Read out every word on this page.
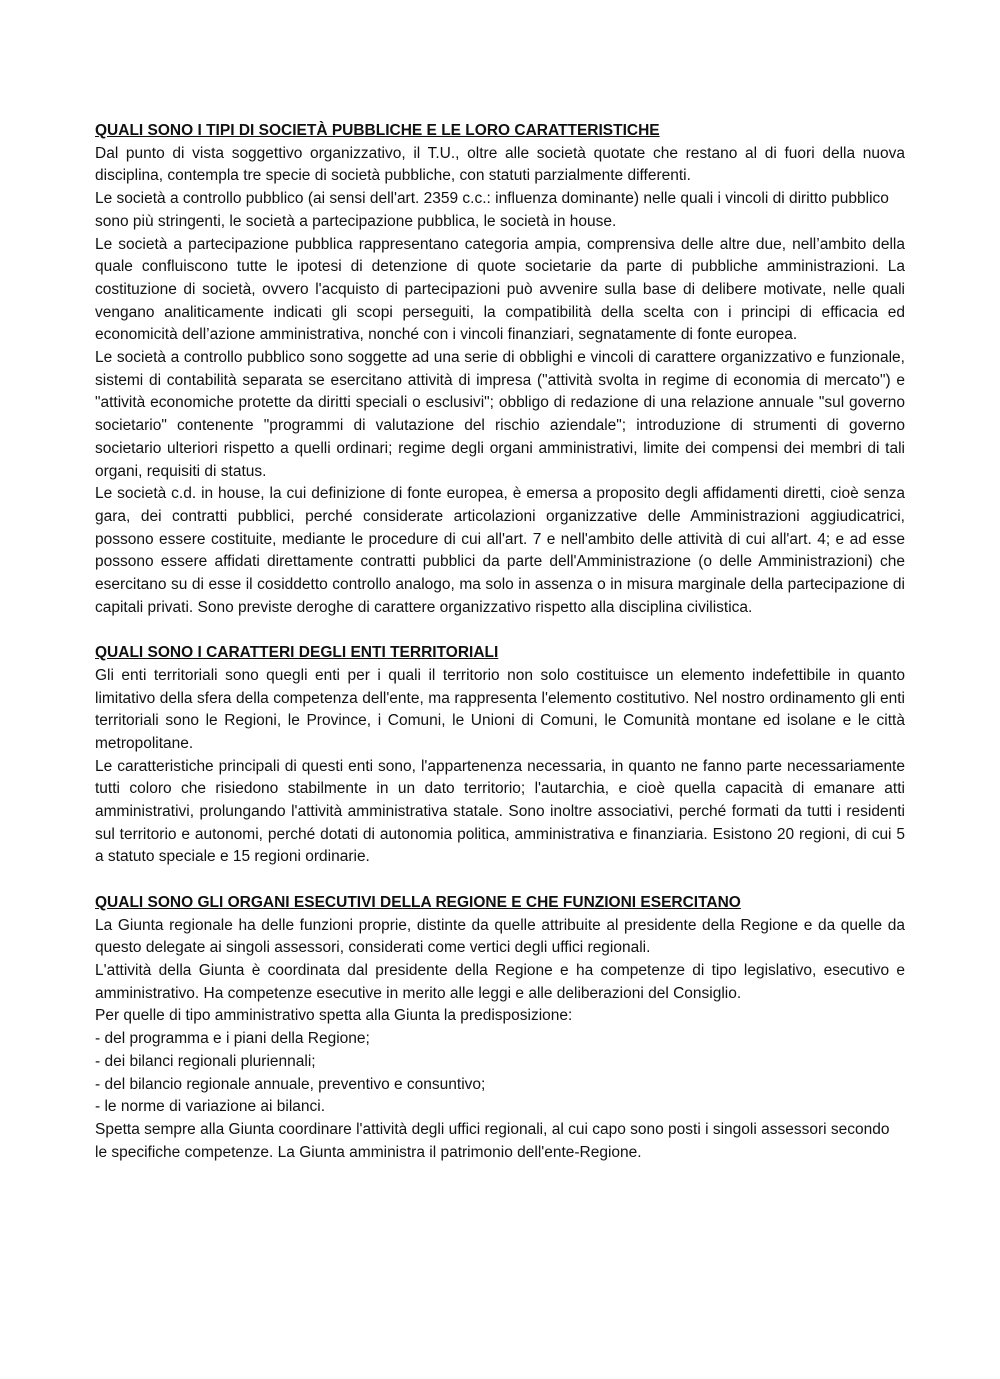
QUALI SONO I TIPI DI SOCIETÀ PUBBLICHE E LE LORO CARATTERISTICHE

Dal punto di vista soggettivo organizzativo, il T.U., oltre alle società quotate che restano al di fuori della nuova disciplina, contempla tre specie di società pubbliche, con statuti parzialmente differenti.

Le società a controllo pubblico (ai sensi dell'art. 2359 c.c.: influenza dominante) nelle quali i vincoli di diritto pubblico sono più stringenti, le società a partecipazione pubblica, le società in house.

Le società a partecipazione pubblica rappresentano categoria ampia, comprensiva delle altre due, nell’ambito della quale confluiscono tutte le ipotesi di detenzione di quote societarie da parte di pubbliche amministrazioni. La costituzione di società, ovvero l'acquisto di partecipazioni può avvenire sulla base di delibere motivate, nelle quali vengano analiticamente indicati gli scopi perseguiti, la compatibilità della scelta con i principi di efficacia ed economicità dell’azione amministrativa, nonché con i vincoli finanziari, segnatamente di fonte europea.

Le società a controllo pubblico sono soggette ad una serie di obblighi e vincoli di carattere organizzativo e funzionale, sistemi di contabilità separata se esercitano attività di impresa ("attività svolta in regime di economia di mercato") e "attività economiche protette da diritti speciali o esclusivi"; obbligo di redazione di una relazione annuale "sul governo societario" contenente "programmi di valutazione del rischio aziendale"; introduzione di strumenti di governo societario ulteriori rispetto a quelli ordinari; regime degli organi amministrativi, limite dei compensi dei membri di tali organi, requisiti di status.

Le società c.d. in house, la cui definizione di fonte europea, è emersa a proposito degli affidamenti diretti, cioè senza gara, dei contratti pubblici, perché considerate articolazioni organizzative delle Amministrazioni aggiudicatrici, possono essere costituite, mediante le procedure di cui all'art. 7 e nell'ambito delle attività di cui all'art. 4; e ad esse possono essere affidati direttamente contratti pubblici da parte dell'Amministrazione (o delle Amministrazioni) che esercitano su di esse il cosiddetto controllo analogo, ma solo in assenza o in misura marginale della partecipazione di capitali privati. Sono previste deroghe di carattere organizzativo rispetto alla disciplina civilistica.

QUALI SONO I CARATTERI DEGLI ENTI TERRITORIALI

Gli enti territoriali sono quegli enti per i quali il territorio non solo costituisce un elemento indefettibile in quanto limitativo della sfera della competenza dell'ente, ma rappresenta l'elemento costitutivo. Nel nostro ordinamento gli enti territoriali sono le Regioni, le Province, i Comuni, le Unioni di Comuni, le Comunità montane ed isolane e le città metropolitane.

Le caratteristiche principali di questi enti sono, l'appartenenza necessaria, in quanto ne fanno parte necessariamente tutti coloro che risiedono stabilmente in un dato territorio; l'autarchia, e cioè quella capacità di emanare atti amministrativi, prolungando l'attività amministrativa statale. Sono inoltre associativi, perché formati da tutti i residenti sul territorio e autonomi, perché dotati di autonomia politica, amministrativa e finanziaria. Esistono 20 regioni, di cui 5 a statuto speciale e 15 regioni ordinarie.

QUALI SONO GLI ORGANI ESECUTIVI DELLA REGIONE E CHE FUNZIONI ESERCITANO

La Giunta regionale ha delle funzioni proprie, distinte da quelle attribuite al presidente della Regione e da quelle da questo delegate ai singoli assessori, considerati come vertici degli uffici regionali.

L'attività della Giunta è coordinata dal presidente della Regione e ha competenze di tipo legislativo, esecutivo e amministrativo. Ha competenze esecutive in merito alle leggi e alle deliberazioni del Consiglio.

Per quelle di tipo amministrativo spetta alla Giunta la predisposizione:

- del programma e i piani della Regione;
- dei bilanci regionali pluriennali;
- del bilancio regionale annuale, preventivo e consuntivo;
- le norme di variazione ai bilanci.

Spetta sempre alla Giunta coordinare l'attività degli uffici regionali, al cui capo sono posti i singoli assessori secondo le specifiche competenze. La Giunta amministra il patrimonio dell'ente-Regione.
